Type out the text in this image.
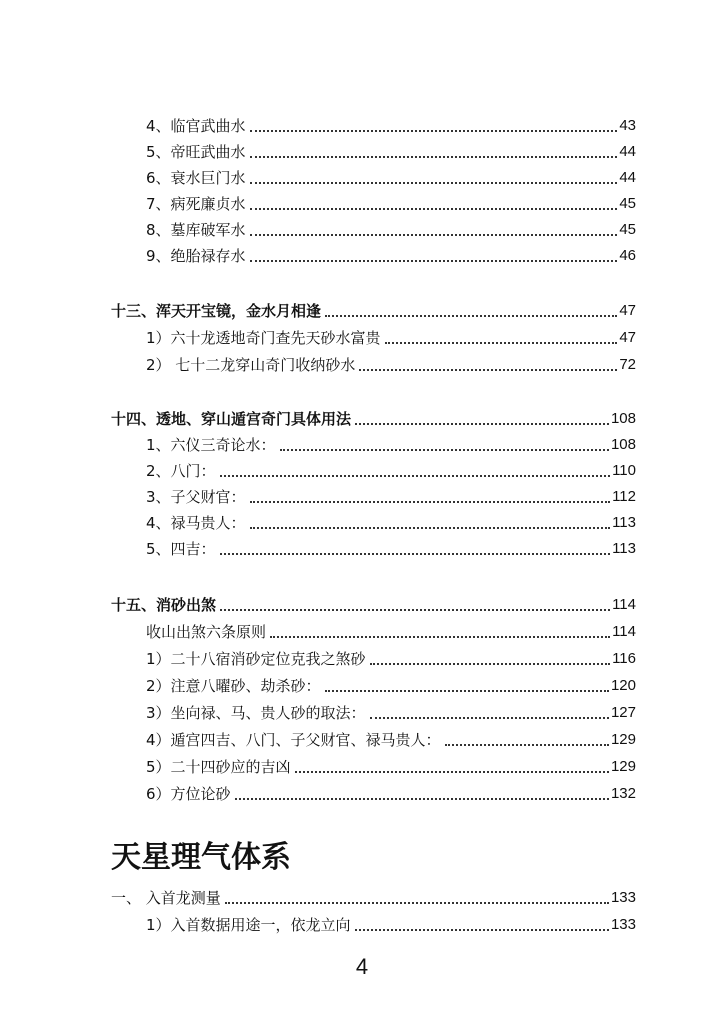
4、临官武曲水	43
5、帝旺武曲水	44
6、衰水巨门水	44
7、病死廉贞水	45
8、墓库破军水	45
9、绝胎禄存水	46
十三、浑天开宝镜，金水月相逢	47
1）六十龙透地奇门查先天砂水富贵	47
2） 七十二龙穿山奇门收纳砂水	72
十四、透地、穿山遁宫奇门具体用法	108
1、六仪三奇论水：	108
2、八门：	110
3、子父财官：	112
4、禄马贵人：	113
5、四吉：	113
十五、消砂出煞	114
收山出煞六条原则	114
1）二十八宿消砂定位克我之煞砂	116
2）注意八曜砂、劫杀砂：	120
3）坐向禄、马、贵人砂的取法：	127
4）遁宫四吉、八门、子父财官、禄马贵人：	129
5）二十四砂应的吉凶	129
6）方位论砂	132
天星理气体系
一、 入首龙测量	133
1）入首数据用途一，依龙立向	133
4
